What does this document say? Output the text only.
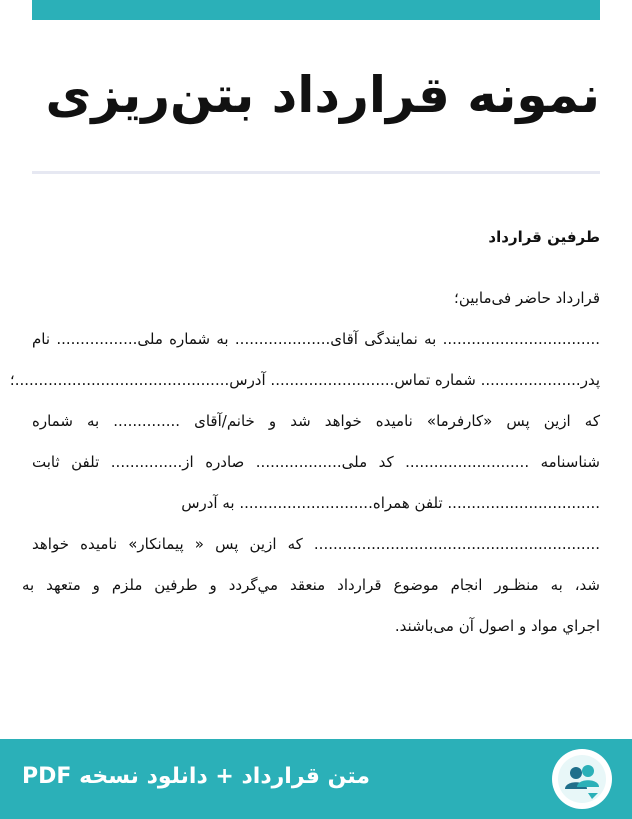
نمونه قرارداد بتن‌ریزی
طرفین قرارداد
قرارداد حاضر فی‌مابین؛
................................. به نمایندگی آقای.................... به شماره ملی................. نام
پدر..................... شماره تماس.......................... آدرس.............................................؛
که ازین پس «کارفرما» نامیده خواهد شد و خانم/آقای .............. به شماره
شناسنامه .......................... کد ملی.................. صادره از............... تلفن ثابت
................................ تلفن همراه............................ به آدرس
............................................................ که ازین پس « پیمانکار» نامیده خواهد
شد، به منظـور انجام موضوع قرارداد منعقد مي‌گردد و طرفین ملزم و متعهد به
اجراي مواد و اصول آن می‌باشند.
متن قرارداد + دانلود نسخه PDF
